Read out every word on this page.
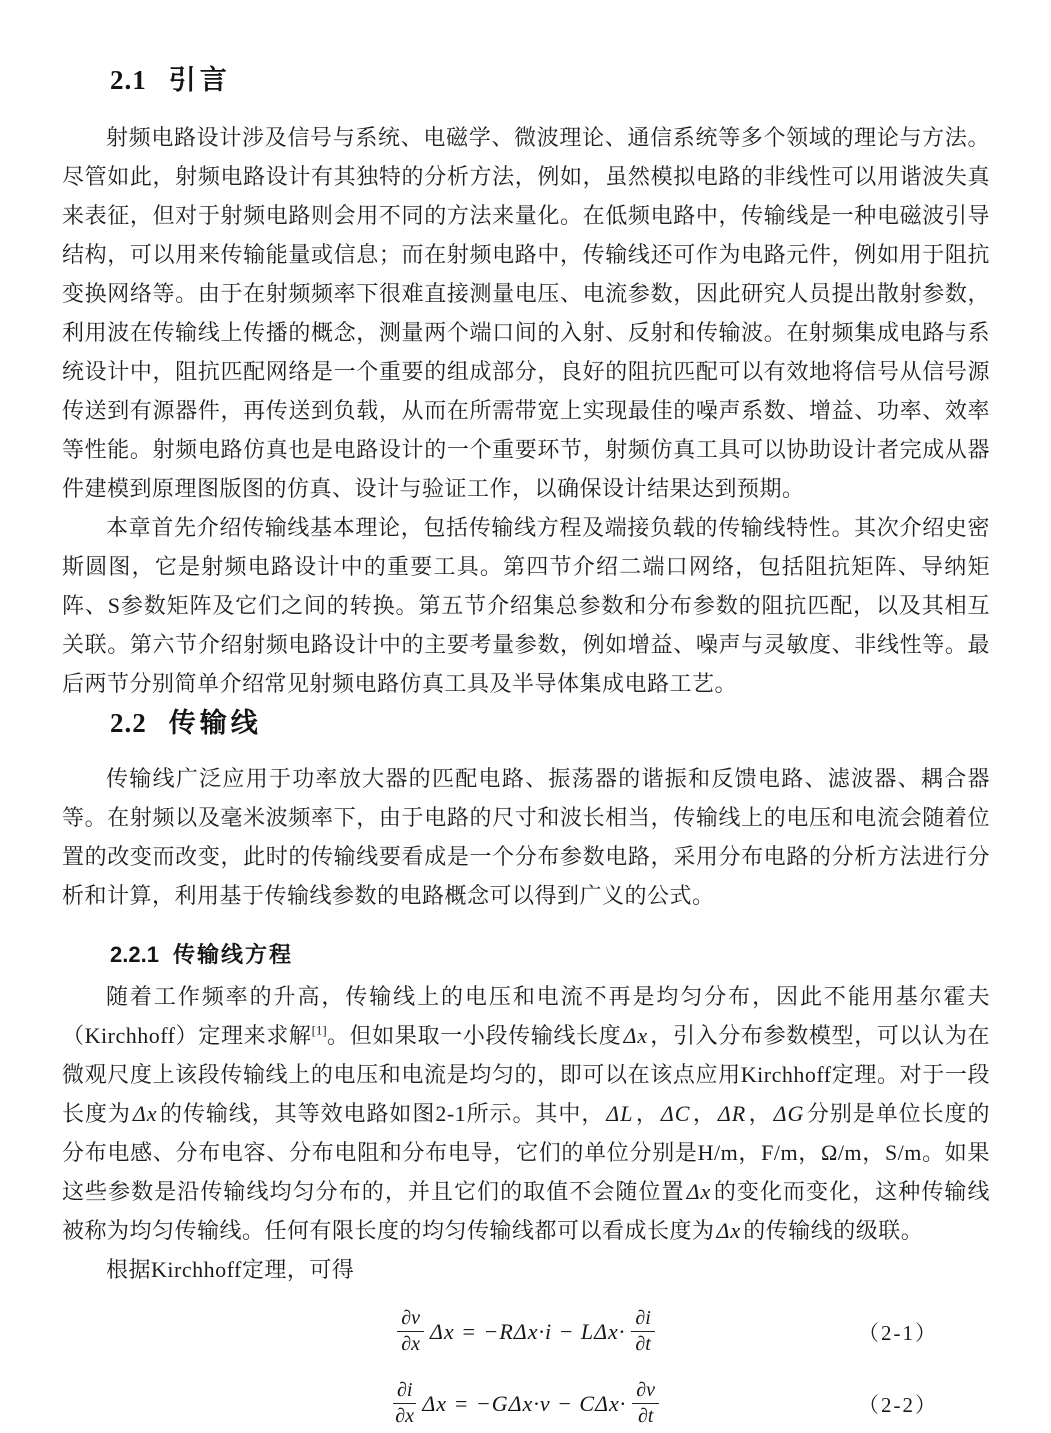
2.1 引言

射频电路设计涉及信号与系统、电磁学、微波理论、通信系统等多个领域的理论与方法。尽管如此，射频电路设计有其独特的分析方法，例如，虽然模拟电路的非线性可以用谐波失真来表征，但对于射频电路则会用不同的方法来量化。在低频电路中，传输线是一种电磁波引导结构，可以用来传输能量或信息；而在射频电路中，传输线还可作为电路元件，例如用于阻抗变换网络等。由于在射频频率下很难直接测量电压、电流参数，因此研究人员提出散射参数，利用波在传输线上传播的概念，测量两个端口间的入射、反射和传输波。在射频集成电路与系统设计中，阻抗匹配网络是一个重要的组成部分，良好的阻抗匹配可以有效地将信号从信号源传送到有源器件，再传送到负载，从而在所需带宽上实现最佳的噪声系数、增益、功率、效率等性能。射频电路仿真也是电路设计的一个重要环节，射频仿真工具可以协助设计者完成从器件建模到原理图版图的仿真、设计与验证工作，以确保设计结果达到预期。

本章首先介绍传输线基本理论，包括传输线方程及端接负载的传输线特性。其次介绍史密斯圆图，它是射频电路设计中的重要工具。第四节介绍二端口网络，包括阻抗矩阵、导纳矩阵、S参数矩阵及它们之间的转换。第五节介绍集总参数和分布参数的阻抗匹配，以及其相互关联。第六节介绍射频电路设计中的主要考量参数，例如增益、噪声与灵敏度、非线性等。最后两节分别简单介绍常见射频电路仿真工具及半导体集成电路工艺。

2.2 传输线

传输线广泛应用于功率放大器的匹配电路、振荡器的谐振和反馈电路、滤波器、耦合器等。在射频以及毫米波频率下，由于电路的尺寸和波长相当，传输线上的电压和电流会随着位置的改变而改变，此时的传输线要看成是一个分布参数电路，采用分布电路的分析方法进行分析和计算，利用基于传输线参数的电路概念可以得到广义的公式。

2.2.1 传输线方程

随着工作频率的升高，传输线上的电压和电流不再是均匀分布，因此不能用基尔霍夫（Kirchhoff）定理来求解[1]。但如果取一小段传输线长度Δx，引入分布参数模型，可以认为在微观尺度上该段传输线上的电压和电流是均匀的，即可以在该点应用Kirchhoff定理。对于一段长度为Δx的传输线，其等效电路如图2-1所示。其中，ΔL，ΔC，ΔR，ΔG分别是单位长度的分布电感、分布电容、分布电阻和分布电导，它们的单位分别是H/m，F/m，Ω/m，S/m。如果这些参数是沿传输线均匀分布的，并且它们的取值不会随位置Δx的变化而变化，这种传输线被称为均匀传输线。任何有限长度的均匀传输线都可以看成长度为Δx的传输线的级联。

根据Kirchhoff定理，可得

$\frac{\partial v}{\partial x}$ $\Delta x = -R\Delta x\cdot i - L\Delta x\cdot \frac{\partial i}{\partial t}$	（2-1）
$\frac{\partial i}{\partial x}$ $\Delta x = -G\Delta x\cdot v - C\Delta x\cdot \frac{\partial v}{\partial t}$	（2-2）
